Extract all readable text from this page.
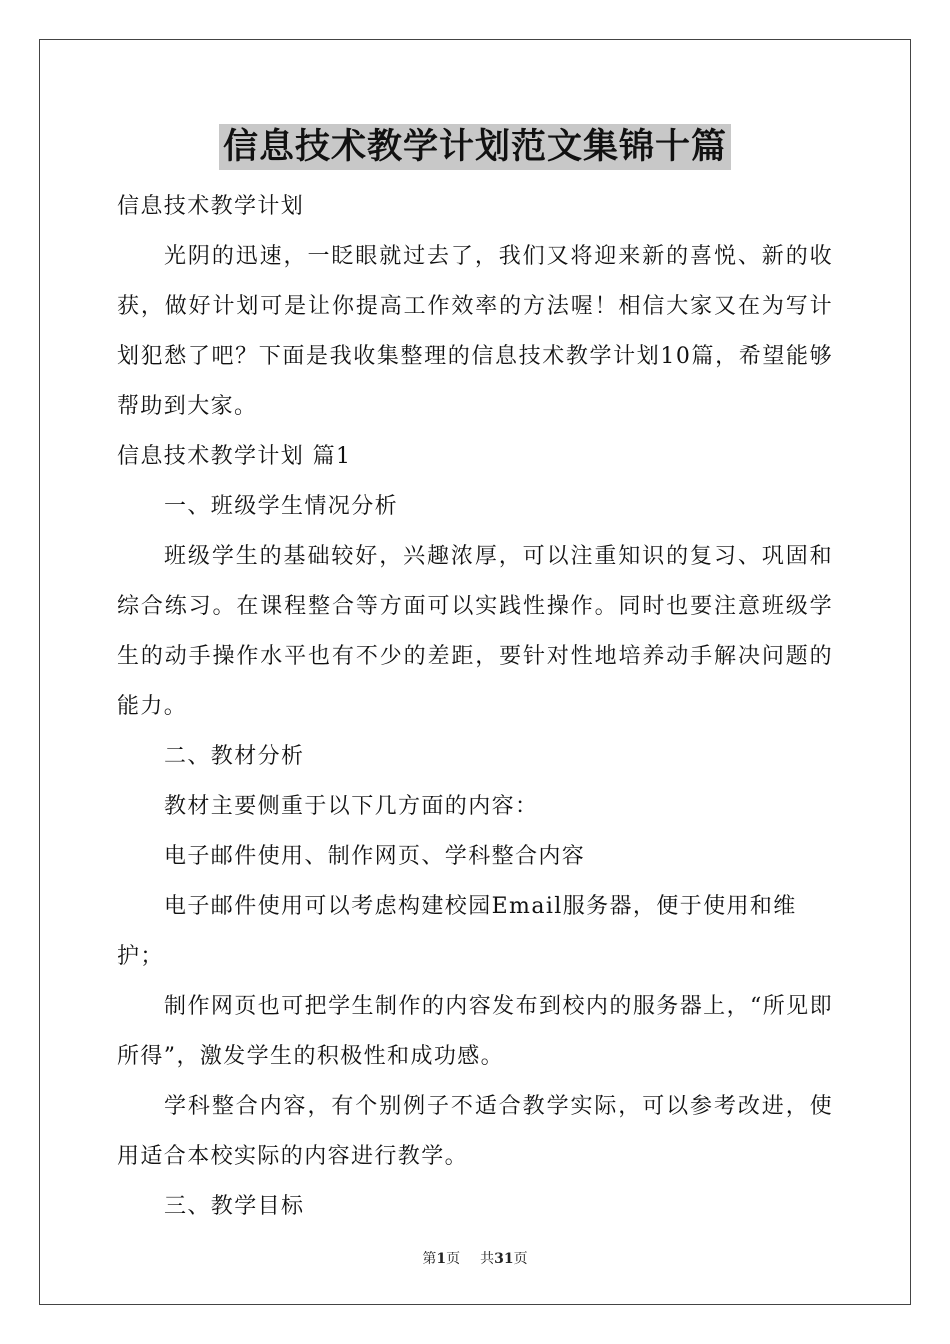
信息技术教学计划范文集锦十篇

信息技术教学计划

光阴的迅速，一眨眼就过去了，我们又将迎来新的喜悦、新的收获，做好计划可是让你提高工作效率的方法喔！相信大家又在为写计划犯愁了吧？下面是我收集整理的信息技术教学计划10篇，希望能够帮助到大家。

信息技术教学计划 篇1

一、班级学生情况分析

班级学生的基础较好，兴趣浓厚，可以注重知识的复习、巩固和综合练习。在课程整合等方面可以实践性操作。同时也要注意班级学生的动手操作水平也有不少的差距，要针对性地培养动手解决问题的能力。

二、教材分析

教材主要侧重于以下几方面的内容：

电子邮件使用、制作网页、学科整合内容

电子邮件使用可以考虑构建校园Email服务器，便于使用和维护；

制作网页也可把学生制作的内容发布到校内的服务器上，“所见即所得”，激发学生的积极性和成功感。

学科整合内容，有个别例子不适合教学实际，可以参考改进，使用适合本校实际的内容进行教学。

三、教学目标

第1页 共31页
